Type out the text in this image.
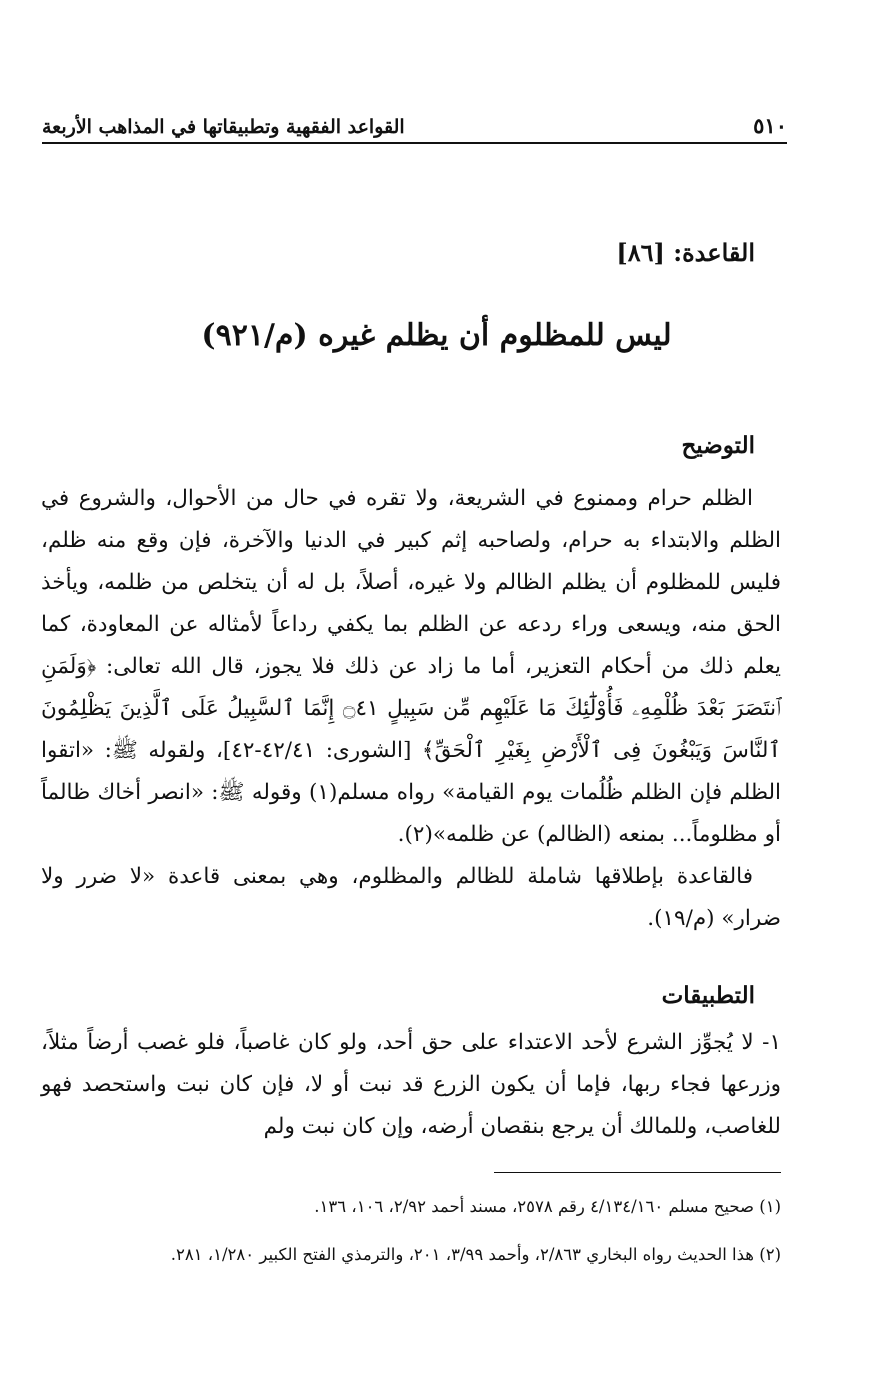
٥١٠
القواعد الفقهية وتطبيقاتها في المذاهب الأربعة
القاعدة: [٨٦]
ليس للمظلوم أن يظلم غيره (م/٩٢١)
التوضيح

الظلم حرام وممنوع في الشريعة، ولا تقره في حال من الأحوال، والشروع في الظلم والابتداء به حرام، ولصاحبه إثم كبير في الدنيا والآخرة، فإن وقع منه ظلم، فليس للمظلوم أن يظلم الظالم ولا غيره، أصلاً، بل له أن يتخلص من ظلمه، ويأخذ الحق منه، ويسعى وراء ردعه عن الظلم بما يكفي رداعاً لأمثاله عن المعاودة، كما يعلم ذلك من أحكام التعزير، أما ما زاد عن ذلك فلا يجوز، قال الله تعالى: ﴿وَلَمَنِ ٱنتَصَرَ بَعْدَ ظُلْمِهِۦ فَأُوْلَٰٓئِكَ مَا عَلَيْهِم مِّن سَبِيلٍ ۝٤١ إِنَّمَا ٱلسَّبِيلُ عَلَى ٱلَّذِينَ يَظْلِمُونَ ٱلنَّاسَ وَيَبْغُونَ فِى ٱلْأَرْضِ بِغَيْرِ ٱلْحَقِّ﴾ [الشورى: ٤٢/٤١-٤٢]، ولقوله ﷺ: «اتقوا الظلم فإن الظلم ظُلُمات يوم القيامة» رواه مسلم(١) وقوله ﷺ: «انصر أخاك ظالماً أو مظلوماً... بمنعه (الظالم) عن ظلمه»(٢).

فالقاعدة بإطلاقها شاملة للظالم والمظلوم، وهي بمعنى قاعدة «لا ضرر ولا ضرار» (م/١٩).

التطبيقات

١- لا يُجوِّز الشرع لأحد الاعتداء على حق أحد، ولو كان غاصباً، فلو غصب أرضاً مثلاً، وزرعها فجاء ربها، فإما أن يكون الزرع قد نبت أو لا، فإن كان نبت واستحصد فهو للغاصب، وللمالك أن يرجع بنقصان أرضه، وإن كان نبت ولم

(١) صحيح مسلم ٤/١٣٤/١٦٠ رقم ٢٥٧٨، مسند أحمد ٢/٩٢، ١٠٦، ١٣٦.
(٢) هذا الحديث رواه البخاري ٢/٨٦٣، وأحمد ٣/٩٩، ٢٠١، والترمذي الفتح الكبير ١/٢٨٠، ٢٨١.
